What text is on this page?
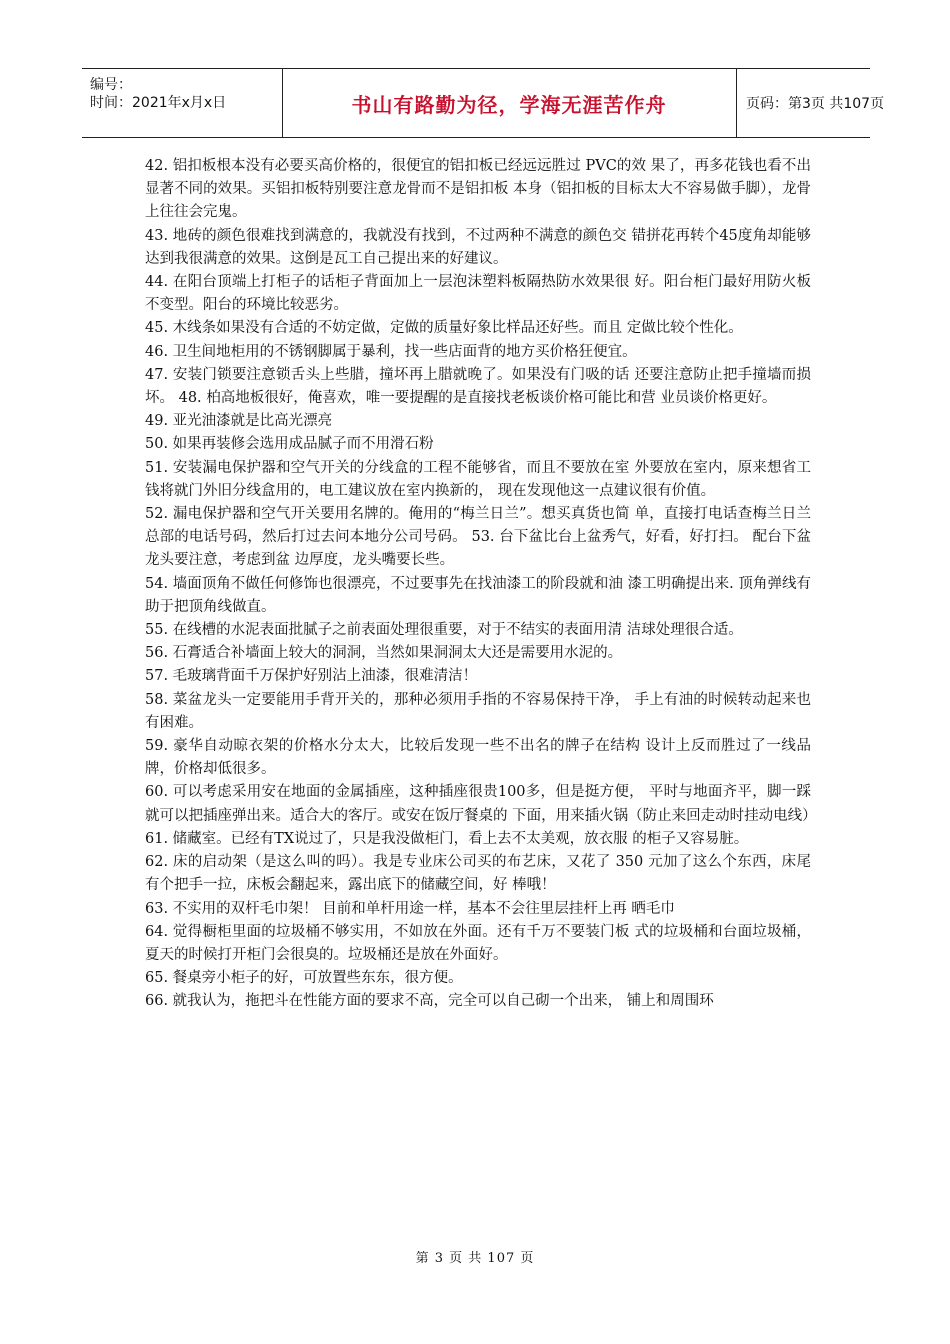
编号：
时间：2021年x月x日	书山有路勤为径，学海无涯苦作舟	页码：第3页 共107页

42. 铝扣板根本没有必要买高价格的，很便宜的铝扣板已经远远胜过 PVC的效 果了，再多花钱也看不出显著不同的效果。买铝扣板特别要注意龙骨而不是铝扣板 本身（铝扣板的目标太大不容易做手脚），龙骨上往往会完鬼。

43. 地砖的颜色很难找到满意的，我就没有找到，不过两种不满意的颜色交 错拼花再转个45度角却能够达到我很满意的效果。这倒是瓦工自己提出来的好建议。

44. 在阳台顶端上打柜子的话柜子背面加上一层泡沫塑料板隔热防水效果很 好。阳台柜门最好用防火板不变型。阳台的环境比较恶劣。

45. 木线条如果没有合适的不妨定做，定做的质量好象比样品还好些。而且 定做比较个性化。

46. 卫生间地柜用的不锈钢脚属于暴利，找一些店面背的地方买价格狂便宜。

47. 安装门锁要注意锁舌头上些腊，撞坏再上腊就晚了。如果没有门吸的话 还要注意防止把手撞墙而损坏。 48. 柏高地板很好，俺喜欢，唯一要提醒的是直接找老板谈价格可能比和营 业员谈价格更好。

49. 亚光油漆就是比高光漂亮

50. 如果再装修会选用成品腻子而不用滑石粉

51. 安装漏电保护器和空气开关的分线盒的工程不能够省，而且不要放在室 外要放在室内，原来想省工钱将就门外旧分线盒用的，电工建议放在室内换新的， 现在发现他这一点建议很有价值。

52. 漏电保护器和空气开关要用名牌的。俺用的“梅兰日兰”。想买真货也简 单，直接打电话查梅兰日兰总部的电话号码，然后打过去问本地分公司号码。 53. 台下盆比台上盆秀气，好看，好打扫。 配台下盆龙头要注意，考虑到盆 边厚度，龙头嘴要长些。

54. 墙面顶角不做任何修饰也很漂亮，不过要事先在找油漆工的阶段就和油 漆工明确提出来. 顶角弹线有助于把顶角线做直。

55. 在线槽的水泥表面批腻子之前表面处理很重要，对于不结实的表面用清 洁球处理很合适。

56. 石膏适合补墙面上较大的洞洞，当然如果洞洞太大还是需要用水泥的。

57. 毛玻璃背面千万保护好别沾上油漆，很难清洁！

58. 菜盆龙头一定要能用手背开关的，那种必须用手指的不容易保持干净， 手上有油的时候转动起来也有困难。

59. 豪华自动晾衣架的价格水分太大，比较后发现一些不出名的牌子在结构 设计上反而胜过了一线品牌，价格却低很多。

60. 可以考虑采用安在地面的金属插座，这种插座很贵100多，但是挺方便， 平时与地面齐平，脚一踩就可以把插座弹出来。适合大的客厅。或安在饭厅餐桌的 下面，用来插火锅（防止来回走动时挂动电线）

61. 储藏室。已经有TX说过了，只是我没做柜门，看上去不太美观，放衣服 的柜子又容易脏。

62. 床的启动架（是这么叫的吗）。我是专业床公司买的布艺床，又花了 350 元加了这么个东西，床尾有个把手一拉，床板会翻起来，露出底下的储藏空间，好 棒哦！

63. 不实用的双杆毛巾架！ 目前和单杆用途一样，基本不会往里层挂杆上再 晒毛巾

64. 觉得橱柜里面的垃圾桶不够实用，不如放在外面。还有千万不要装门板 式的垃圾桶和台面垃圾桶，夏天的时候打开柜门会很臭的。垃圾桶还是放在外面好。

65. 餐桌旁小柜子的好，可放置些东东，很方便。

66. 就我认为，拖把斗在性能方面的要求不高，完全可以自己砌一个出来， 铺上和周围环

第 3 页 共 107 页
